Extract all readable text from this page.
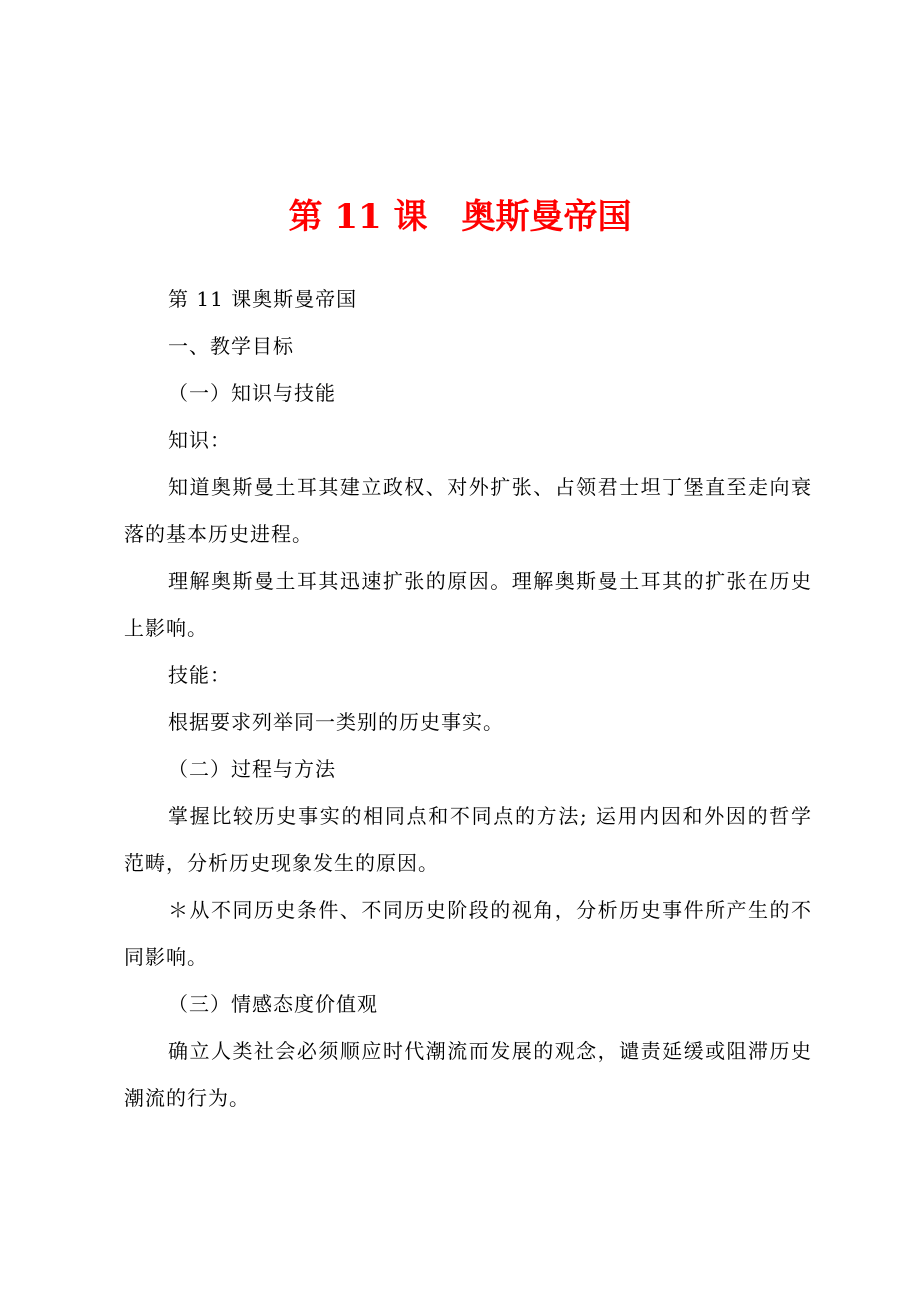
第 11 课　奥斯曼帝国

第 11 课奥斯曼帝国

一、教学目标

（一）知识与技能

知识：

知道奥斯曼土耳其建立政权、对外扩张、占领君士坦丁堡直至走向衰落的基本历史进程。

理解奥斯曼土耳其迅速扩张的原因。理解奥斯曼土耳其的扩张在历史上影响。

技能：

根据要求列举同一类别的历史事实。

（二）过程与方法

掌握比较历史事实的相同点和不同点的方法; 运用内因和外因的哲学范畴，分析历史现象发生的原因。

＊从不同历史条件、不同历史阶段的视角，分析历史事件所产生的不同影响。

（三）情感态度价值观

确立人类社会必须顺应时代潮流而发展的观念，谴责延缓或阻滞历史潮流的行为。
